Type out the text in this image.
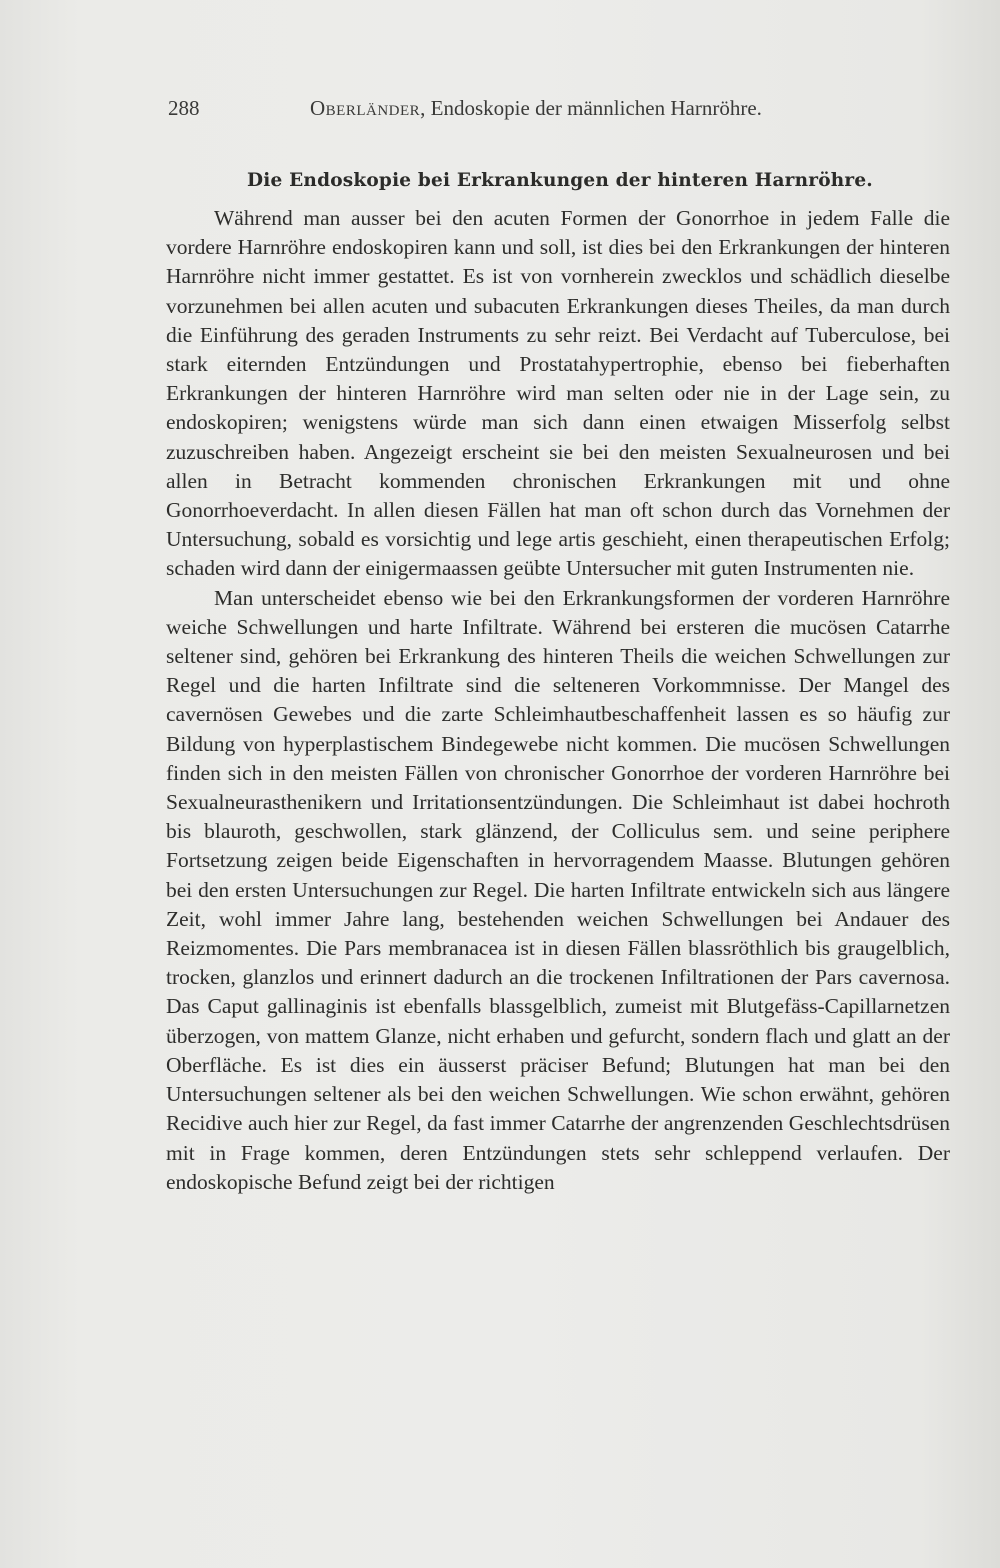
288	Oberländer, Endoskopie der männlichen Harnröhre.
Die Endoskopie bei Erkrankungen der hinteren Harnröhre.

Während man ausser bei den acuten Formen der Gonorrhoe in jedem Falle die vordere Harnröhre endoskopiren kann und soll, ist dies bei den Erkrankungen der hinteren Harnröhre nicht immer gestattet. Es ist von vornherein zwecklos und schädlich dieselbe vorzunehmen bei allen acuten und subacuten Erkrankungen dieses Theiles, da man durch die Einführung des geraden Instruments zu sehr reizt. Bei Verdacht auf Tuberculose, bei stark eiternden Entzündungen und Prostatahypertrophie, ebenso bei fieberhaften Erkrankungen der hinteren Harnröhre wird man selten oder nie in der Lage sein, zu endoskopiren; wenigstens würde man sich dann einen etwaigen Misserfolg selbst zuzuschreiben haben. Angezeigt erscheint sie bei den meisten Sexualneurosen und bei allen in Betracht kommenden chronischen Erkrankungen mit und ohne Gonorrhoeverdacht. In allen diesen Fällen hat man oft schon durch das Vornehmen der Untersuchung, sobald es vorsichtig und lege artis geschieht, einen therapeutischen Erfolg; schaden wird dann der einigermaassen geübte Untersucher mit guten Instrumenten nie.

Man unterscheidet ebenso wie bei den Erkrankungsformen der vorderen Harnröhre weiche Schwellungen und harte Infiltrate. Während bei ersteren die mucösen Catarrhe seltener sind, gehören bei Erkrankung des hinteren Theils die weichen Schwellungen zur Regel und die harten Infiltrate sind die selteneren Vorkommnisse. Der Mangel des cavernösen Gewebes und die zarte Schleimhautbeschaffenheit lassen es so häufig zur Bildung von hyperplastischem Bindegewebe nicht kommen. Die mucösen Schwellungen finden sich in den meisten Fällen von chronischer Gonorrhoe der vorderen Harnröhre bei Sexualneurasthenikern und Irritationsentzündungen. Die Schleimhaut ist dabei hochroth bis blauroth, geschwollen, stark glänzend, der Colliculus sem. und seine periphere Fortsetzung zeigen beide Eigenschaften in hervorragendem Maasse. Blutungen gehören bei den ersten Untersuchungen zur Regel. Die harten Infiltrate entwickeln sich aus längere Zeit, wohl immer Jahre lang, bestehenden weichen Schwellungen bei Andauer des Reizmomentes. Die Pars membranacea ist in diesen Fällen blassröthlich bis graugelblich, trocken, glanzlos und erinnert dadurch an die trockenen Infiltrationen der Pars cavernosa. Das Caput gallinaginis ist ebenfalls blassgelblich, zumeist mit Blutgefäss-Capillarnetzen überzogen, von mattem Glanze, nicht erhaben und gefurcht, sondern flach und glatt an der Oberfläche. Es ist dies ein äusserst präciser Befund; Blutungen hat man bei den Untersuchungen seltener als bei den weichen Schwellungen. Wie schon erwähnt, gehören Recidive auch hier zur Regel, da fast immer Catarrhe der angrenzenden Geschlechtsdrüsen mit in Frage kommen, deren Entzündungen stets sehr schleppend verlaufen. Der endoskopische Befund zeigt bei der richtigen
